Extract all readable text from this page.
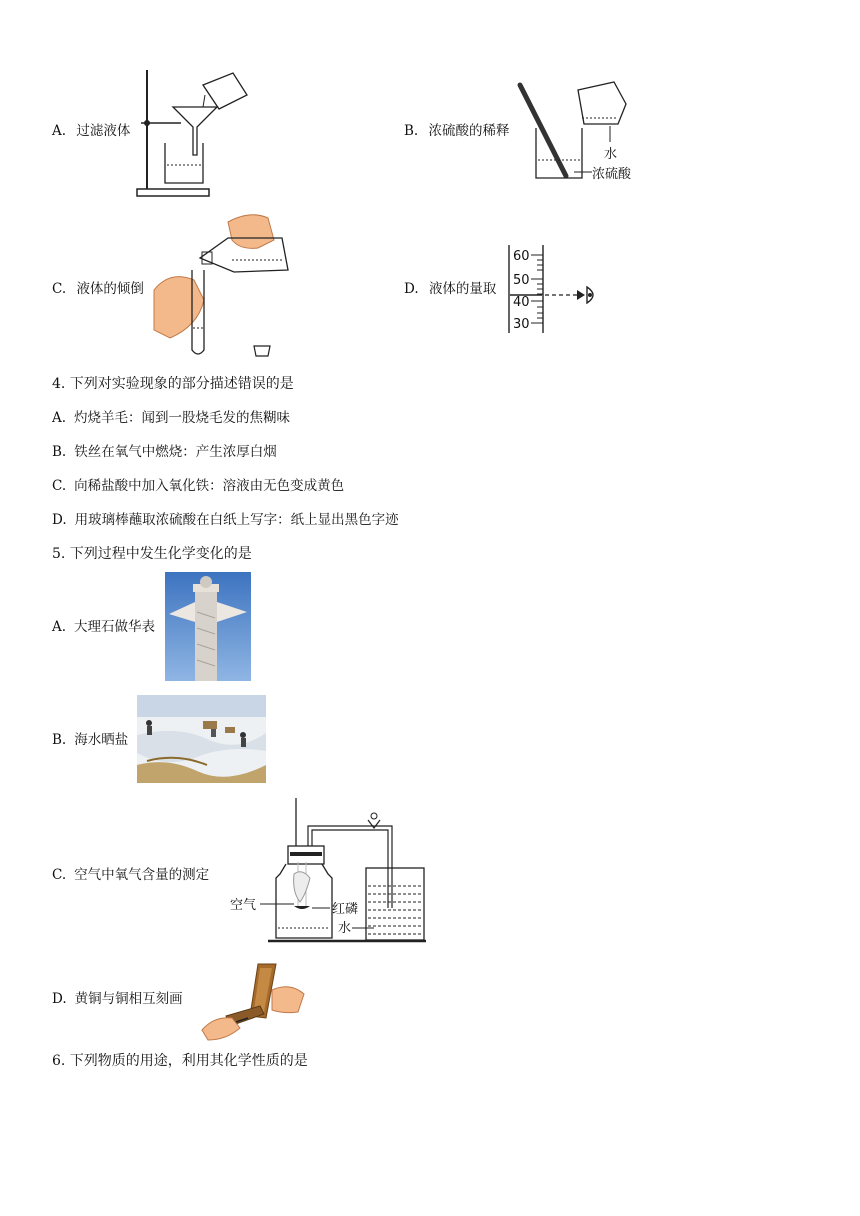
A. 过滤液体	B. 浓硫酸的稀释
水
浓硫酸
C. 液体的倾倒	D. 液体的量取
60
50
40
30
4. 下列对实验现象的部分描述错误的是
A. 灼烧羊毛：闻到一股烧毛发的焦糊味
B. 铁丝在氧气中燃烧：产生浓厚白烟
C. 向稀盐酸中加入氧化铁：溶液由无色变成黄色
D. 用玻璃棒蘸取浓硫酸在白纸上写字：纸上显出黑色字迹
5. 下列过程中发生化学变化的是
A. 大理石做华表
B. 海水晒盐
C. 空气中氧气含量的测定
空气	红磷
水
D. 黄铜与铜相互刻画
6. 下列物质的用途，利用其化学性质的是
